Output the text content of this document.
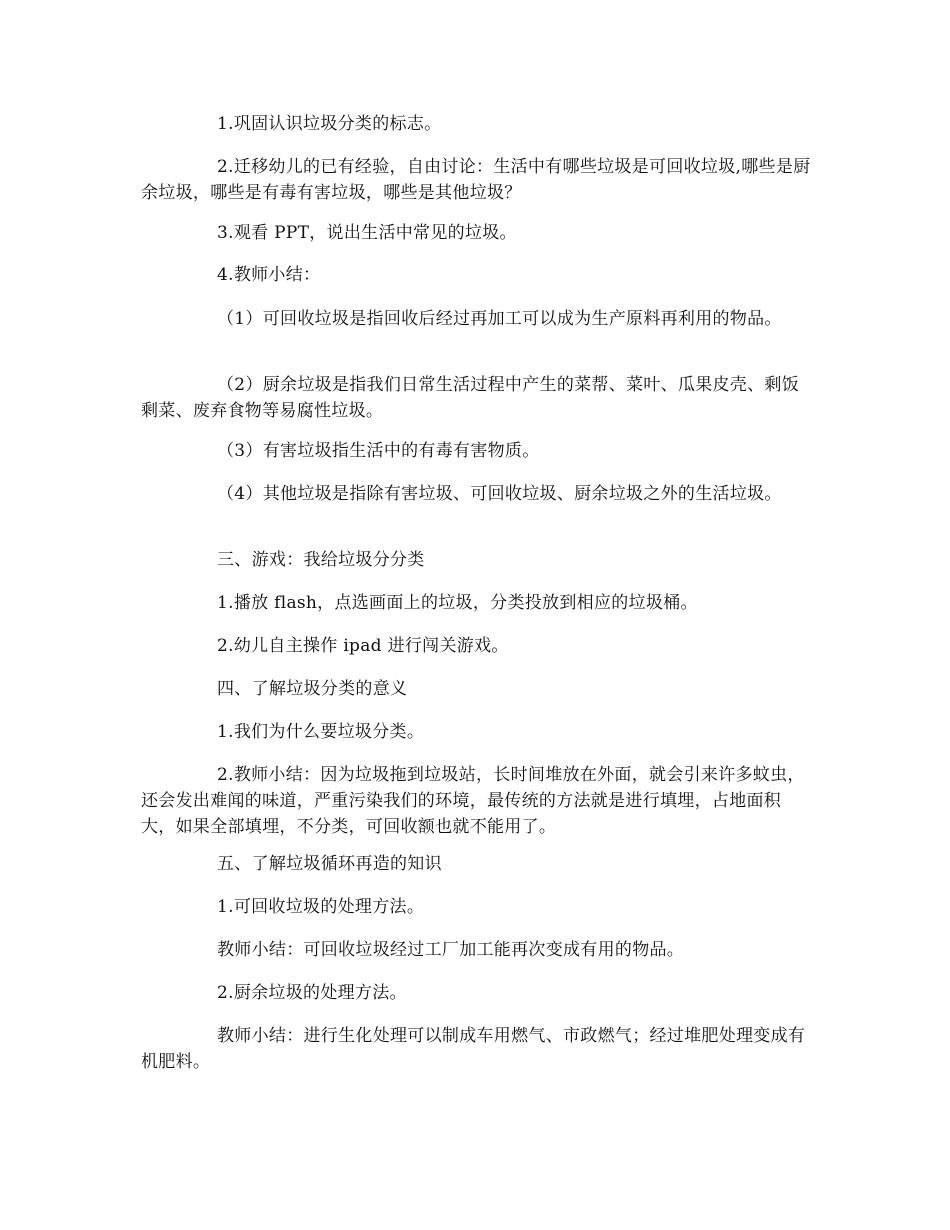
1.巩固认识垃圾分类的标志。

2.迁移幼儿的已有经验，自由讨论：生活中有哪些垃圾是可回收垃圾,哪些是厨余垃圾，哪些是有毒有害垃圾，哪些是其他垃圾？

3.观看 PPT，说出生活中常见的垃圾。

4.教师小结：

（1）可回收垃圾是指回收后经过再加工可以成为生产原料再利用的物品。

（2）厨余垃圾是指我们日常生活过程中产生的菜帮、菜叶、瓜果皮壳、剩饭剩菜、废弃食物等易腐性垃圾。

（3）有害垃圾指生活中的有毒有害物质。

（4）其他垃圾是指除有害垃圾、可回收垃圾、厨余垃圾之外的生活垃圾。

三、游戏：我给垃圾分分类

1.播放 flash，点选画面上的垃圾，分类投放到相应的垃圾桶。

2.幼儿自主操作 ipad 进行闯关游戏。

四、了解垃圾分类的意义

1.我们为什么要垃圾分类。

2.教师小结：因为垃圾拖到垃圾站，长时间堆放在外面，就会引来许多蚊虫，还会发出难闻的味道，严重污染我们的环境，最传统的方法就是进行填埋，占地面积大，如果全部填埋，不分类，可回收额也就不能用了。

五、了解垃圾循环再造的知识

1.可回收垃圾的处理方法。

教师小结：可回收垃圾经过工厂加工能再次变成有用的物品。

2.厨余垃圾的处理方法。

教师小结：进行生化处理可以制成车用燃气、市政燃气；经过堆肥处理变成有机肥料。
